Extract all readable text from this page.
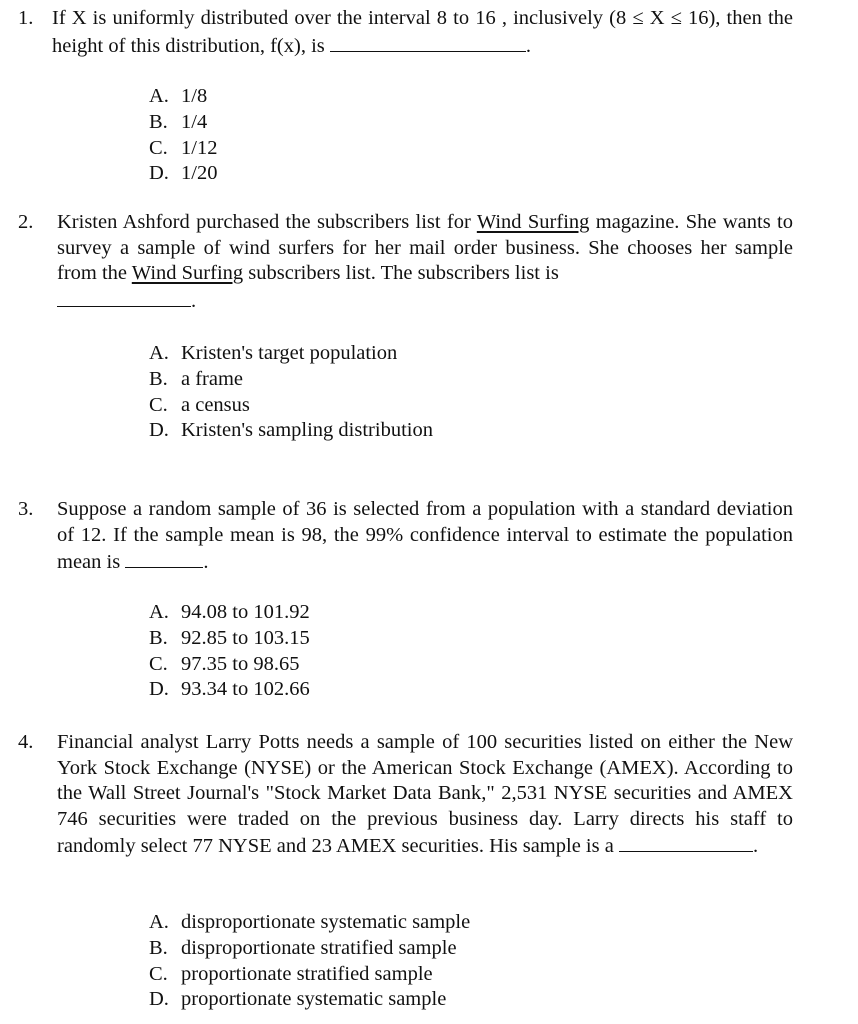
1. If X is uniformly distributed over the interval 8 to 16 , inclusively (8 ≤ X ≤ 16), then the height of this distribution, f(x), is	.
A. 1/8
B. 1/4
C. 1/12
D. 1/20
2. Kristen Ashford purchased the subscribers list for Wind Surfing magazine. She wants to survey a sample of wind surfers for her mail order business. She chooses her sample from the Wind Surfing subscribers list. The subscribers list is
.
A. Kristen's target population
B. a frame
C. a census
D. Kristen's sampling distribution
3. Suppose a random sample of 36 is selected from a population with a standard deviation of 12. If the sample mean is 98, the 99% confidence interval to estimate the population mean is	.
A. 94.08 to 101.92
B. 92.85 to 103.15
C. 97.35 to 98.65
D. 93.34 to 102.66
4. Financial analyst Larry Potts needs a sample of 100 securities listed on either the New York Stock Exchange (NYSE) or the American Stock Exchange (AMEX). According to the Wall Street Journal's "Stock Market Data Bank," 2,531 NYSE securities and AMEX 746 securities were traded on the previous business day. Larry directs his staff to randomly select 77 NYSE and 23 AMEX securities. His sample is a	.
A. disproportionate systematic sample
B. disproportionate stratified sample
C. proportionate stratified sample
D. proportionate systematic sample
